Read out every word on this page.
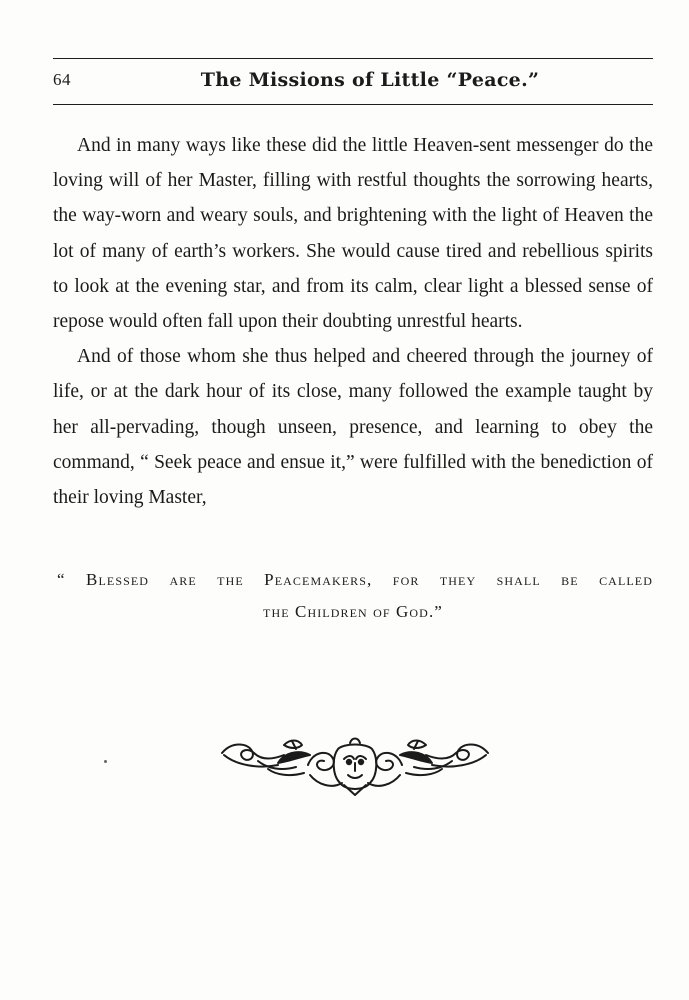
64	The Missions of Little “Peace.”

And in many ways like these did the little Heaven-sent messenger do the loving will of her Master, filling with restful thoughts the sorrowing hearts, the way-worn and weary souls, and brightening with the light of Heaven the lot of many of earth’s workers. She would cause tired and rebellious spirits to look at the evening star, and from its calm, clear light a blessed sense of repose would often fall upon their doubting unrestful hearts.

And of those whom she thus helped and cheered through the journey of life, or at the dark hour of its close, many followed the example taught by her all-pervading, though unseen, presence, and learning to obey the command, “ Seek peace and ensue it,” were fulfilled with the benediction of their loving Master,

“ Blessed are the Peacemakers, for they shall be called
the Children of God.”
